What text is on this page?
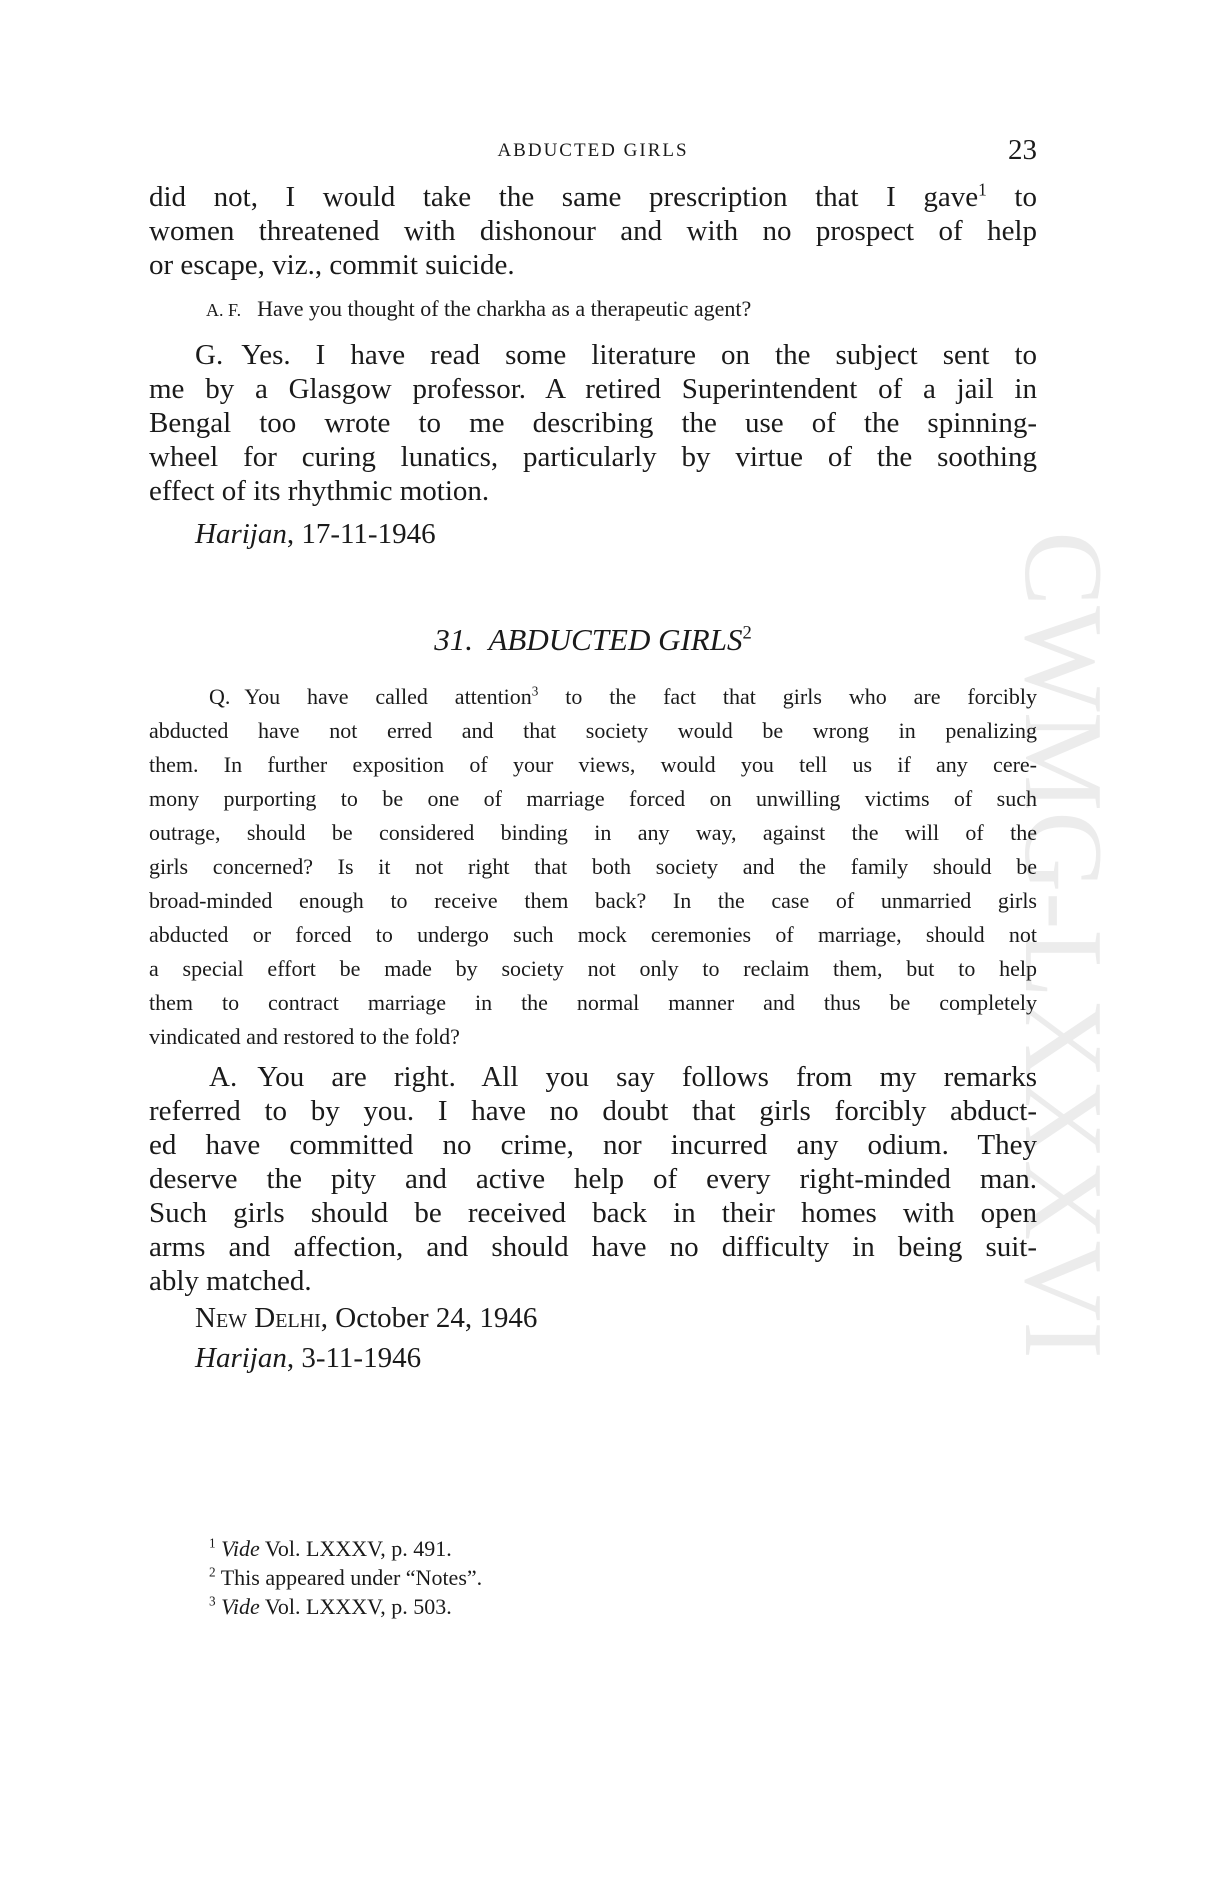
CWMG-LXXXVI
ABDUCTED GIRLS	23
did not, I would take the same prescription that I gave$^1$ to
women threatened with dishonour and with no prospect of help
or escape, viz., commit suicide.
A. F. Have you thought of the charkha as a therapeutic agent?
G. Yes. I have read some literature on the subject sent to
me by a Glasgow professor. A retired Superintendent of a jail in
Bengal too wrote to me describing the use of the spinning-
wheel for curing lunatics, particularly by virtue of the soothing
effect of its rhythmic motion.
Harijan, 17-11-1946
31. ABDUCTED GIRLS$^2$
Q. You have called attention$^3$ to the fact that girls who are forcibly
abducted have not erred and that society would be wrong in penalizing
them. In further exposition of your views, would you tell us if any cere-
mony purporting to be one of marriage forced on unwilling victims of such
outrage, should be considered binding in any way, against the will of the
girls concerned? Is it not right that both society and the family should be
broad-minded enough to receive them back? In the case of unmarried girls
abducted or forced to undergo such mock ceremonies of marriage, should not
a special effort be made by society not only to reclaim them, but to help
them to contract marriage in the normal manner and thus be completely
vindicated and restored to the fold?
A. You are right. All you say follows from my remarks
referred to by you. I have no doubt that girls forcibly abduct-
ed have committed no crime, nor incurred any odium. They
deserve the pity and active help of every right-minded man.
Such girls should be received back in their homes with open
arms and affection, and should have no difficulty in being suit-
ably matched.
New Delhi, October 24, 1946
Harijan, 3-11-1946
$^1$ Vide Vol. LXXXV, p. 491.
$^2$ This appeared under “Notes”.
$^3$ Vide Vol. LXXXV, p. 503.
